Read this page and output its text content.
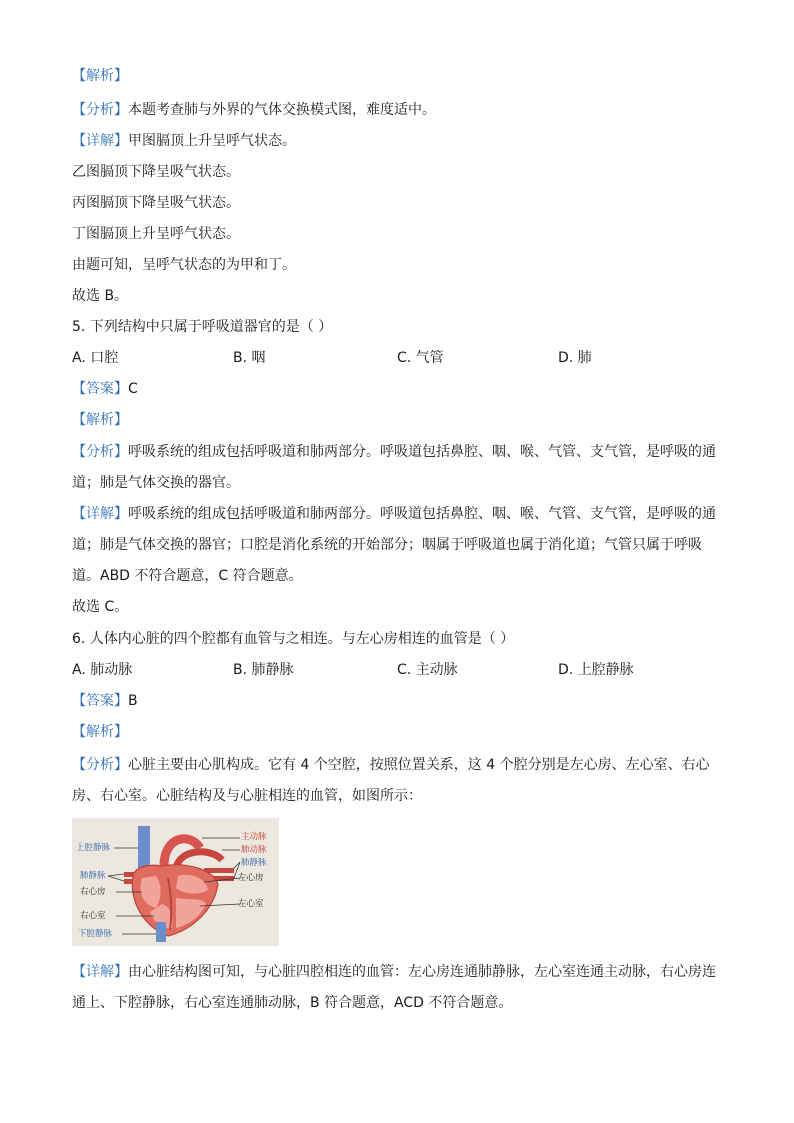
【解析】
【分析】本题考查肺与外界的气体交换模式图，难度适中。
【详解】甲图膈顶上升呈呼气状态。
乙图膈顶下降呈吸气状态。
丙图膈顶下降呈吸气状态。
丁图膈顶上升呈呼气状态。
由题可知，呈呼气状态的为甲和丁。
故选 B。
5. 下列结构中只属于呼吸道器官的是（ ）
A. 口腔	B. 咽	C. 气管	D. 肺
【答案】C
【解析】
【分析】呼吸系统的组成包括呼吸道和肺两部分。呼吸道包括鼻腔、咽、喉、气管、支气管，是呼吸的通
道；肺是气体交换的器官。
【详解】呼吸系统的组成包括呼吸道和肺两部分。呼吸道包括鼻腔、咽、喉、气管、支气管，是呼吸的通
道；肺是气体交换的器官；口腔是消化系统的开始部分；咽属于呼吸道也属于消化道；气管只属于呼吸
道。ABD 不符合题意，C 符合题意。
故选 C。
6. 人体内心脏的四个腔都有血管与之相连。与左心房相连的血管是（ ）
A. 肺动脉	B. 肺静脉	C. 主动脉	D. 上腔静脉
【答案】B
【解析】
【分析】心脏主要由心肌构成。它有 4 个空腔，按照位置关系，这 4 个腔分别是左心房、左心室、右心
房、右心室。心脏结构及与心脏相连的血管，如图所示：
主动脉
肺动脉
肺静脉
左心房
左心室
上腔静脉
肺静脉
右心房
右心室
下腔静脉
【详解】由心脏结构图可知，与心脏四腔相连的血管：左心房连通肺静脉，左心室连通主动脉，右心房连
通上、下腔静脉，右心室连通肺动脉，B 符合题意，ACD 不符合题意。
